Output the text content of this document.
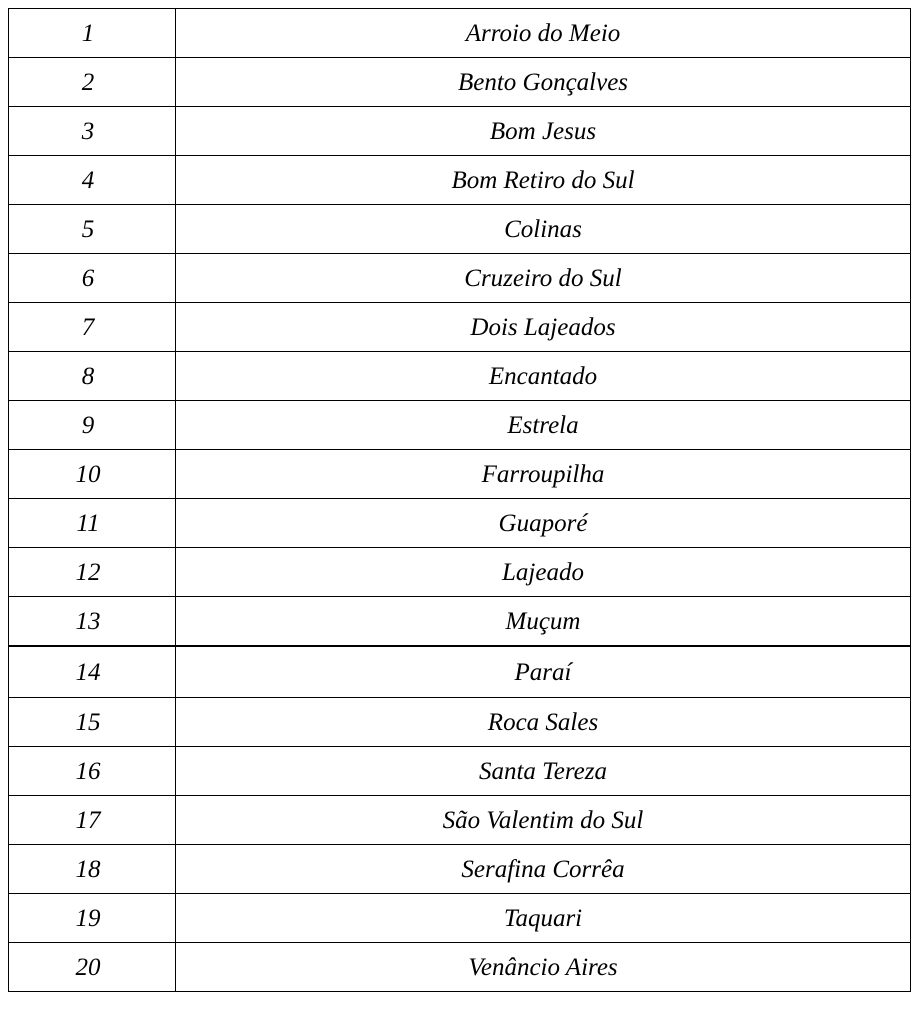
1	Arroio do Meio
2	Bento Gonçalves
3	Bom Jesus
4	Bom Retiro do Sul
5	Colinas
6	Cruzeiro do Sul
7	Dois Lajeados
8	Encantado
9	Estrela
10	Farroupilha
11	Guaporé
12	Lajeado
13	Muçum
14	Paraí
15	Roca Sales
16	Santa Tereza
17	São Valentim do Sul
18	Serafina Corrêa
19	Taquari
20	Venâncio Aires
